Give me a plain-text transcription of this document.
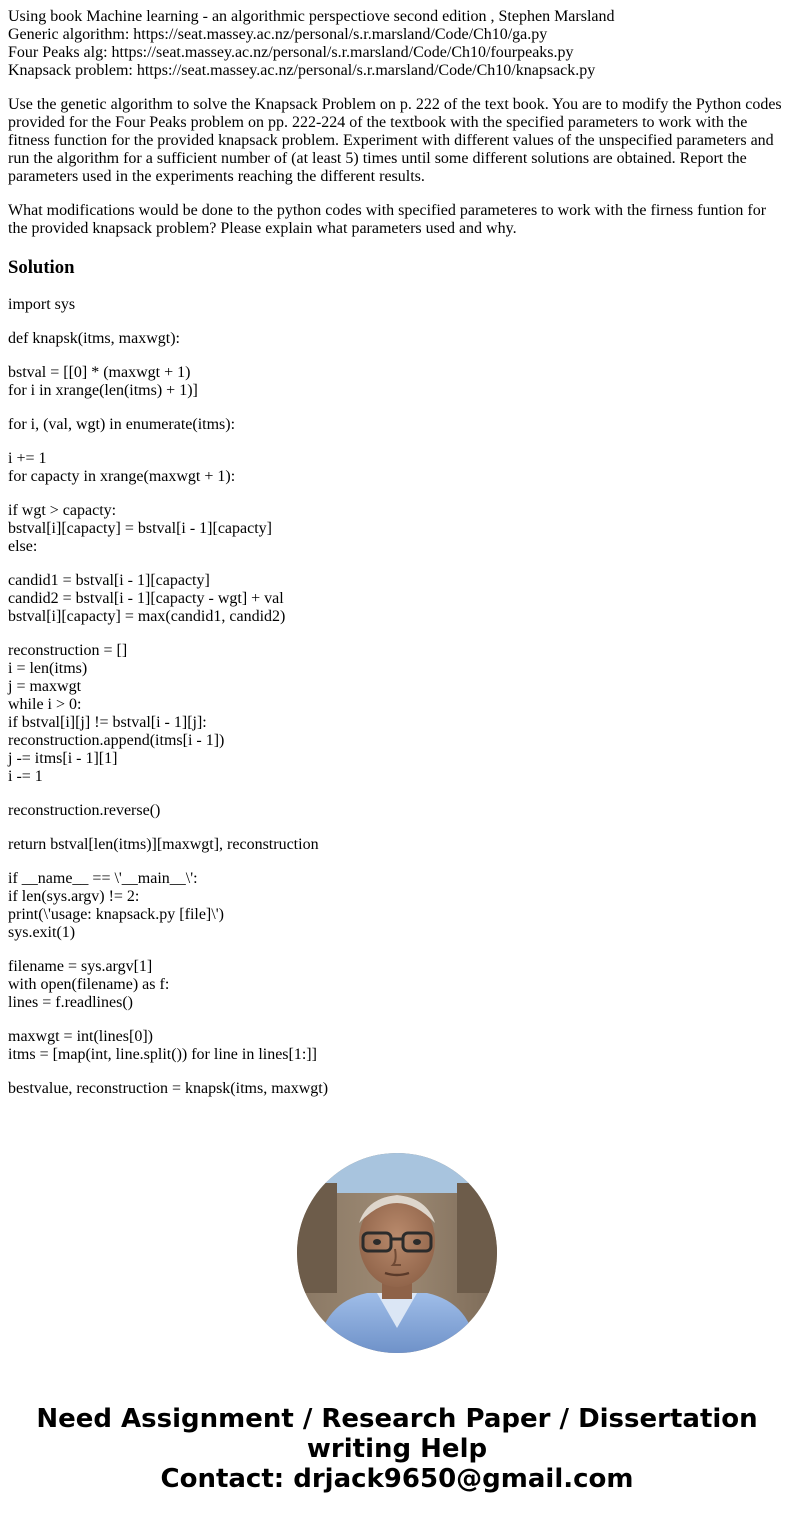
Using book Machine learning - an algorithmic perspectiove second edition , Stephen Marsland
Generic algorithm: https://seat.massey.ac.nz/personal/s.r.marsland/Code/Ch10/ga.py
Four Peaks alg: https://seat.massey.ac.nz/personal/s.r.marsland/Code/Ch10/fourpeaks.py
Knapsack problem: https://seat.massey.ac.nz/personal/s.r.marsland/Code/Ch10/knapsack.py

Use the genetic algorithm to solve the Knapsack Problem on p. 222 of the text book. You are to modify the Python codes provided for the Four Peaks problem on pp. 222-224 of the textbook with the specified parameters to work with the fitness function for the provided knapsack problem. Experiment with different values of the unspecified parameters and run the algorithm for a sufficient number of (at least 5) times until some different solutions are obtained. Report the parameters used in the experiments reaching the different results.

What modifications would be done to the python codes with specified parameteres to work with the firness funtion for the provided knapsack problem? Please explain what parameters used and why.

Solution
import sys
def knapsk(itms, maxwgt):
bstval = [[0] * (maxwgt + 1)
for i in xrange(len(itms) + 1)]
for i, (val, wgt) in enumerate(itms):
i += 1
for capacty in xrange(maxwgt + 1):
if wgt > capacty:
bstval[i][capacty] = bstval[i - 1][capacty]
else:
candid1 = bstval[i - 1][capacty]
candid2 = bstval[i - 1][capacty - wgt] + val
bstval[i][capacty] = max(candid1, candid2)
reconstruction = []
i = len(itms)
j = maxwgt
while i > 0:
if bstval[i][j] != bstval[i - 1][j]:
reconstruction.append(itms[i - 1])
j -= itms[i - 1][1]
i -= 1
reconstruction.reverse()
return bstval[len(itms)][maxwgt], reconstruction
if __name__ == \'__main__\':
if len(sys.argv) != 2:
print(\'usage: knapsack.py [file]\')
sys.exit(1)
filename = sys.argv[1]
with open(filename) as f:
lines = f.readlines()
maxwgt = int(lines[0])
itms = [map(int, line.split()) for line in lines[1:]]
bestvalue, reconstruction = knapsk(itms, maxwgt)
Need Assignment / Research Paper / Dissertation
writing Help
Contact: drjack9650@gmail.com
